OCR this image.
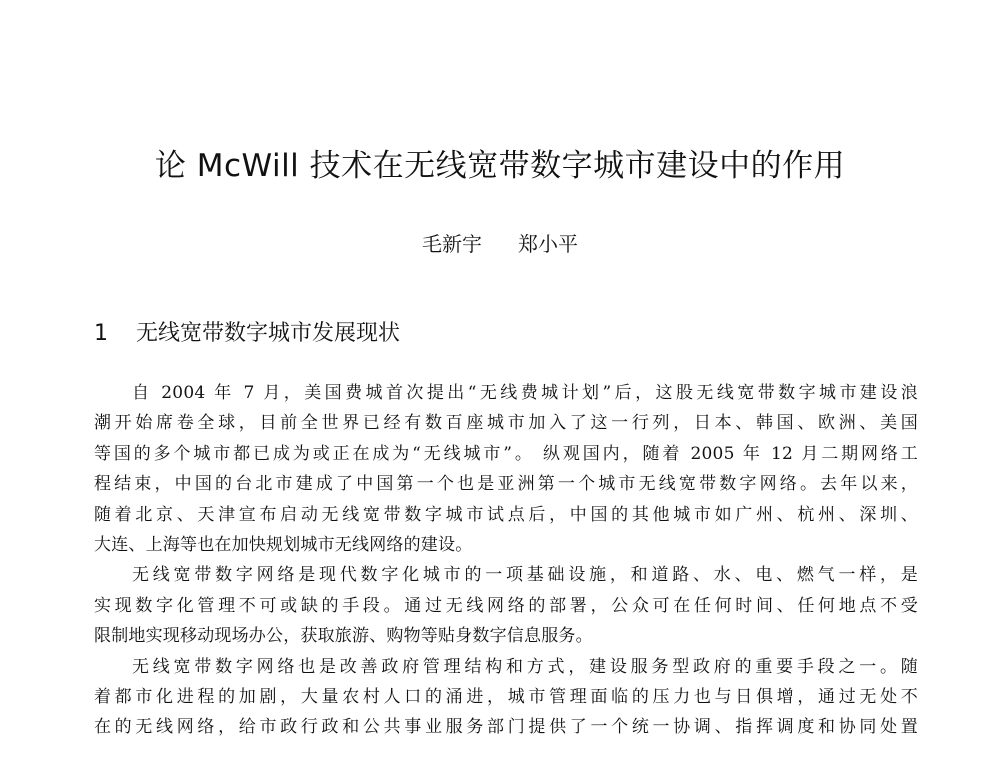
论 McWill 技术在无线宽带数字城市建设中的作用
毛新宇 郑小平
1 无线宽带数字城市发展现状
自 2004 年 7 月，美国费城首次提出“无线费城计划”后，这股无线宽带数字城市建设浪
潮开始席卷全球，目前全世界已经有数百座城市加入了这一行列，日本、韩国、欧洲、美国
等国的多个城市都已成为或正在成为“无线城市”。 纵观国内，随着 2005 年 12 月二期网络工
程结束，中国的台北市建成了中国第一个也是亚洲第一个城市无线宽带数字网络。去年以来，
随着北京、天津宣布启动无线宽带数字城市试点后，中国的其他城市如广州、杭州、深圳、
大连、上海等也在加快规划城市无线网络的建设。
无线宽带数字网络是现代数字化城市的一项基础设施，和道路、水、电、燃气一样，是
实现数字化管理不可或缺的手段。通过无线网络的部署，公众可在任何时间、任何地点不受
限制地实现移动现场办公，获取旅游、购物等贴身数字信息服务。
无线宽带数字网络也是改善政府管理结构和方式，建设服务型政府的重要手段之一。随
着都市化进程的加剧，大量农村人口的涌进，城市管理面临的压力也与日俱增，通过无处不
在的无线网络，给市政行政和公共事业服务部门提供了一个统一协调、指挥调度和协同处置
